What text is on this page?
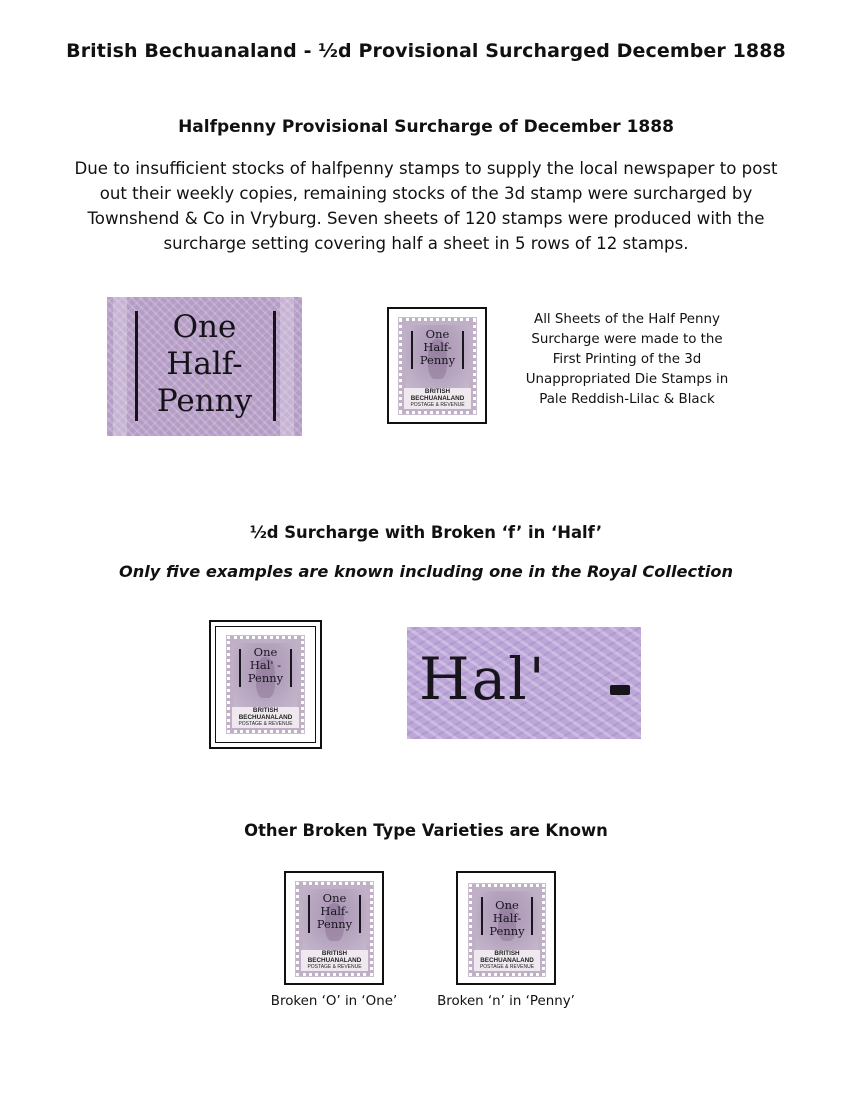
British Bechuanaland - ½d Provisional Surcharged December 1888
Halfpenny Provisional Surcharge of December 1888
Due to insufficient stocks of halfpenny stamps to supply the local newspaper to post
out their weekly copies, remaining stocks of the 3d stamp were surcharged by
Townshend & Co in Vryburg. Seven sheets of 120 stamps were produced with the
surcharge setting covering half a sheet in 5 rows of 12 stamps.
One
Half-
Penny
One
Half-
Penny
BRITISH
BECHUANALAND
POSTAGE & REVENUE
All Sheets of the Half Penny
Surcharge were made to the
First Printing of the 3d
Unappropriated Die Stamps in
Pale Reddish-Lilac & Black
½d Surcharge with Broken ‘f’ in ‘Half’
Only five examples are known including one in the Royal Collection
One
Hal' -
Penny
BRITISH
BECHUANALAND
POSTAGE & REVENUE
Hal'
Other Broken Type Varieties are Known
One
Half-
Penny
BRITISH
BECHUANALAND
POSTAGE & REVENUE
Broken ‘O’ in ‘One’
One
Half-
Penny
BRITISH
BECHUANALAND
POSTAGE & REVENUE
Broken ‘n’ in ‘Penny’
